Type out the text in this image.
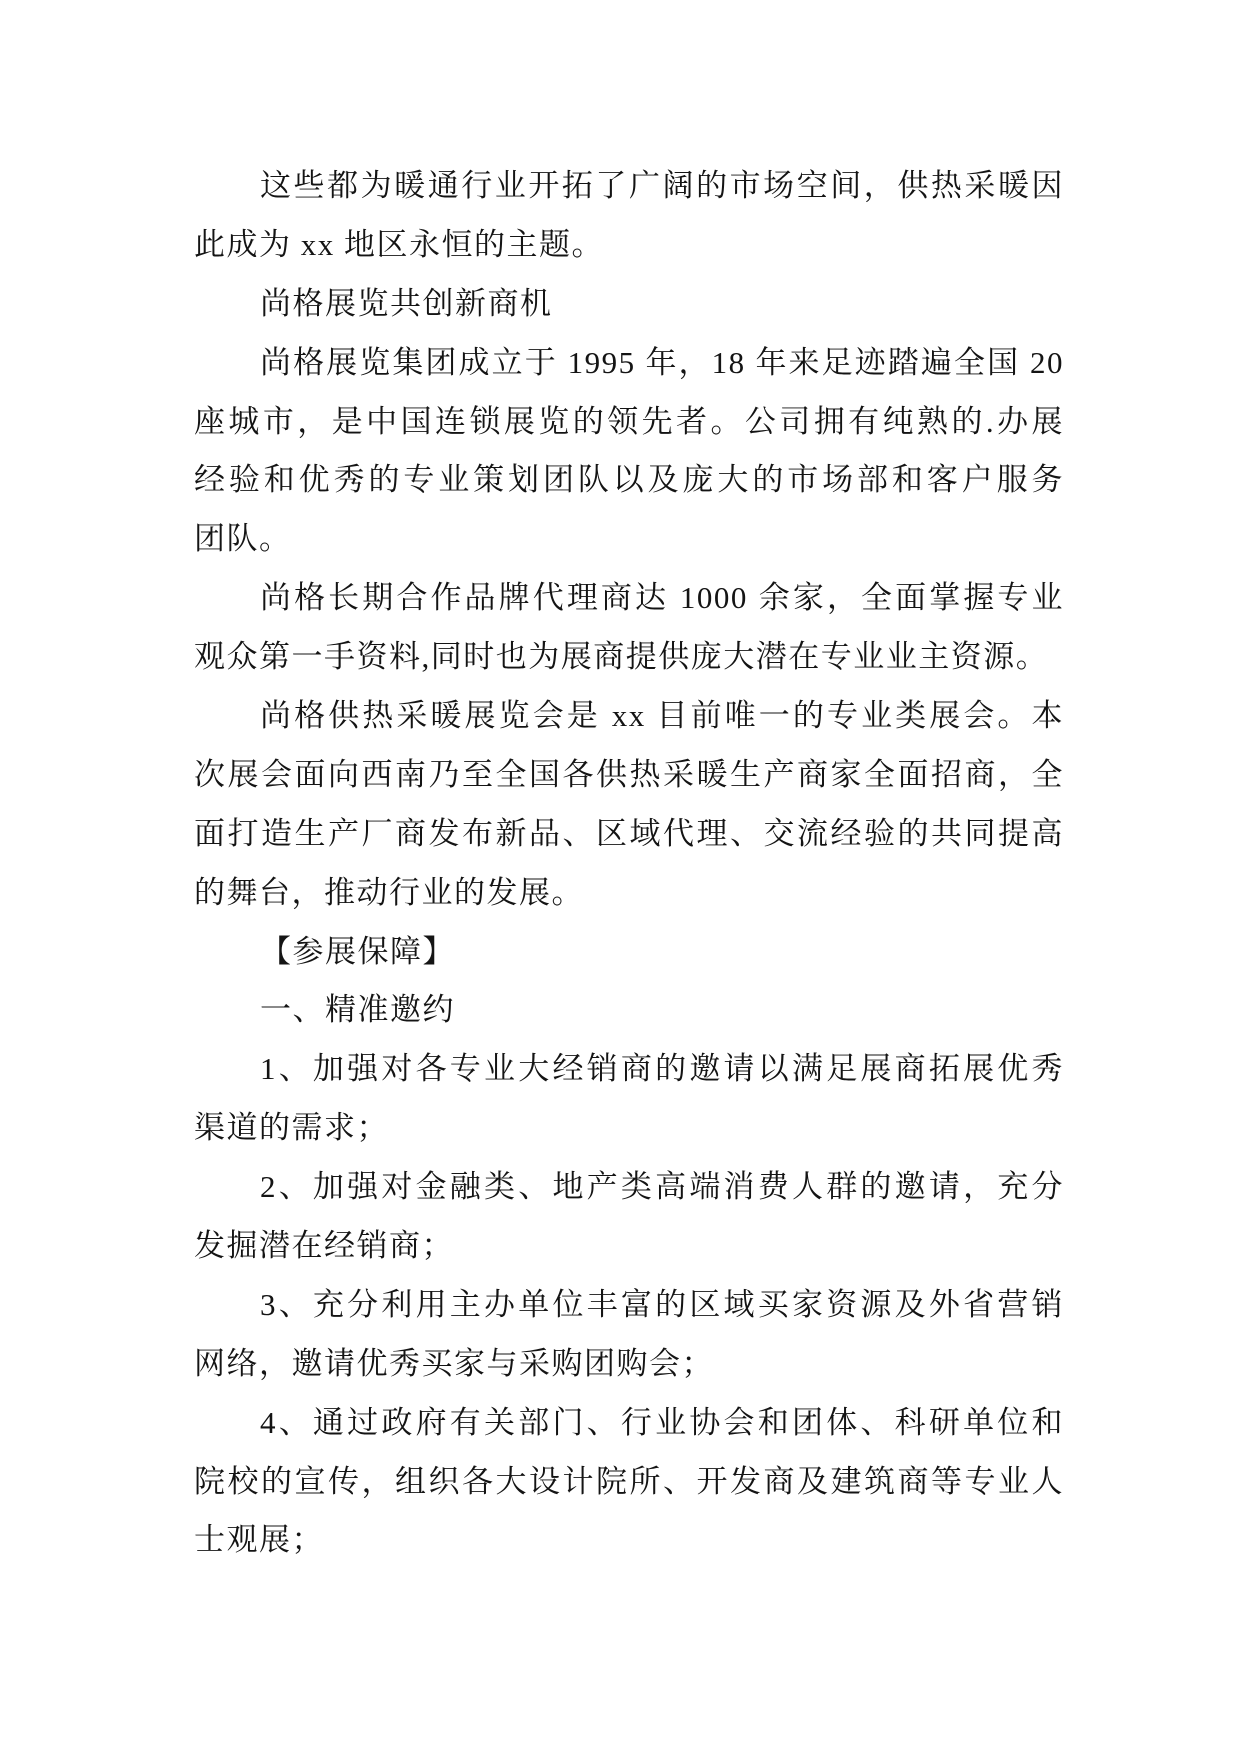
这些都为暖通行业开拓了广阔的市场空间，供热采暖因
此成为 xx 地区永恒的主题。
尚格展览共创新商机
尚格展览集团成立于 1995 年，18 年来足迹踏遍全国 20
座城市，是中国连锁展览的领先者。公司拥有纯熟的.办展
经验和优秀的专业策划团队以及庞大的市场部和客户服务
团队。
尚格长期合作品牌代理商达 1000 余家，全面掌握专业
观众第一手资料,同时也为展商提供庞大潜在专业业主资源。
尚格供热采暖展览会是 xx 目前唯一的专业类展会。本
次展会面向西南乃至全国各供热采暖生产商家全面招商，全
面打造生产厂商发布新品、区域代理、交流经验的共同提高
的舞台，推动行业的发展。
【参展保障】
一、精准邀约
1、加强对各专业大经销商的邀请以满足展商拓展优秀
渠道的需求；
2、加强对金融类、地产类高端消费人群的邀请，充分
发掘潜在经销商；
3、充分利用主办单位丰富的区域买家资源及外省营销
网络，邀请优秀买家与采购团购会；
4、通过政府有关部门、行业协会和团体、科研单位和
院校的宣传，组织各大设计院所、开发商及建筑商等专业人
士观展；
